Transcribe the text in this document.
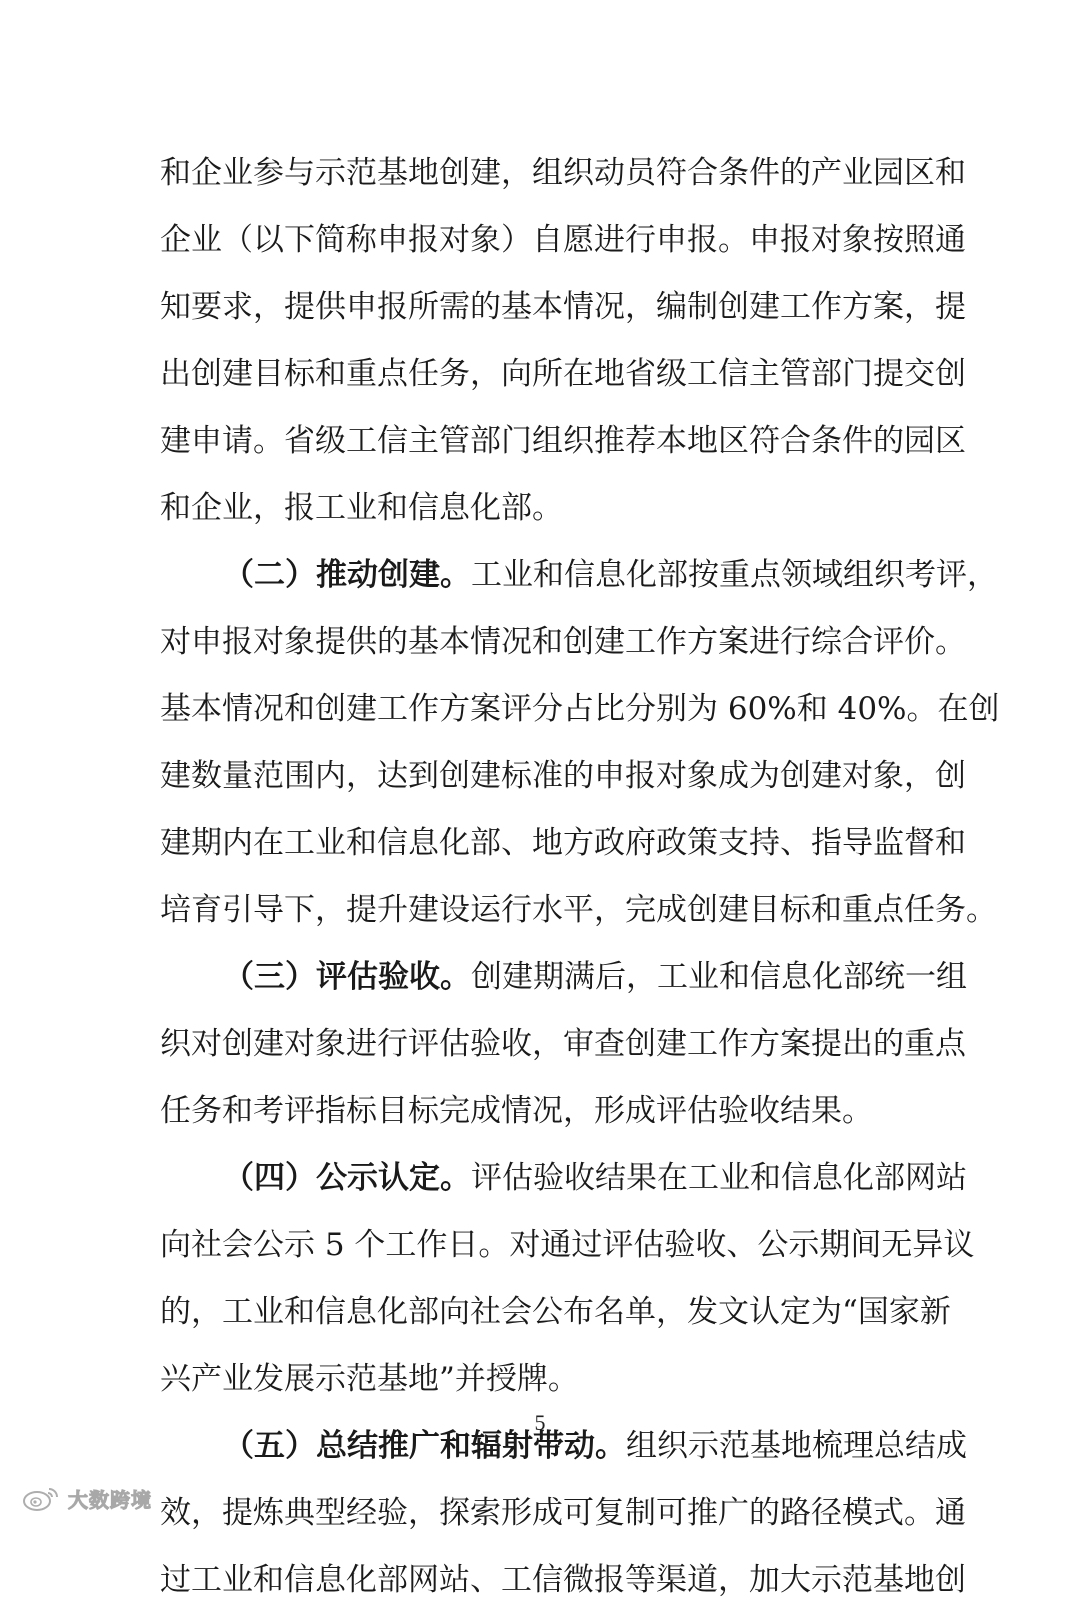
和企业参与示范基地创建，组织动员符合条件的产业园区和
企业（以下简称申报对象）自愿进行申报。申报对象按照通
知要求，提供申报所需的基本情况，编制创建工作方案，提
出创建目标和重点任务，向所在地省级工信主管部门提交创
建申请。省级工信主管部门组织推荐本地区符合条件的园区
和企业，报工业和信息化部。
（二）推动创建。工业和信息化部按重点领域组织考评，
对申报对象提供的基本情况和创建工作方案进行综合评价。
基本情况和创建工作方案评分占比分别为 60%和 40%。在创
建数量范围内，达到创建标准的申报对象成为创建对象，创
建期内在工业和信息化部、地方政府政策支持、指导监督和
培育引导下，提升建设运行水平，完成创建目标和重点任务。
（三）评估验收。创建期满后，工业和信息化部统一组
织对创建对象进行评估验收，审查创建工作方案提出的重点
任务和考评指标目标完成情况，形成评估验收结果。
（四）公示认定。评估验收结果在工业和信息化部网站
向社会公示 5 个工作日。对通过评估验收、公示期间无异议
的，工业和信息化部向社会公布名单，发文认定为“国家新
兴产业发展示范基地”并授牌。
（五）总结推广和辐射带动。组织示范基地梳理总结成
效，提炼典型经验，探索形成可复制可推广的路径模式。通
过工业和信息化部网站、工信微报等渠道，加大示范基地创
5
大数跨境
